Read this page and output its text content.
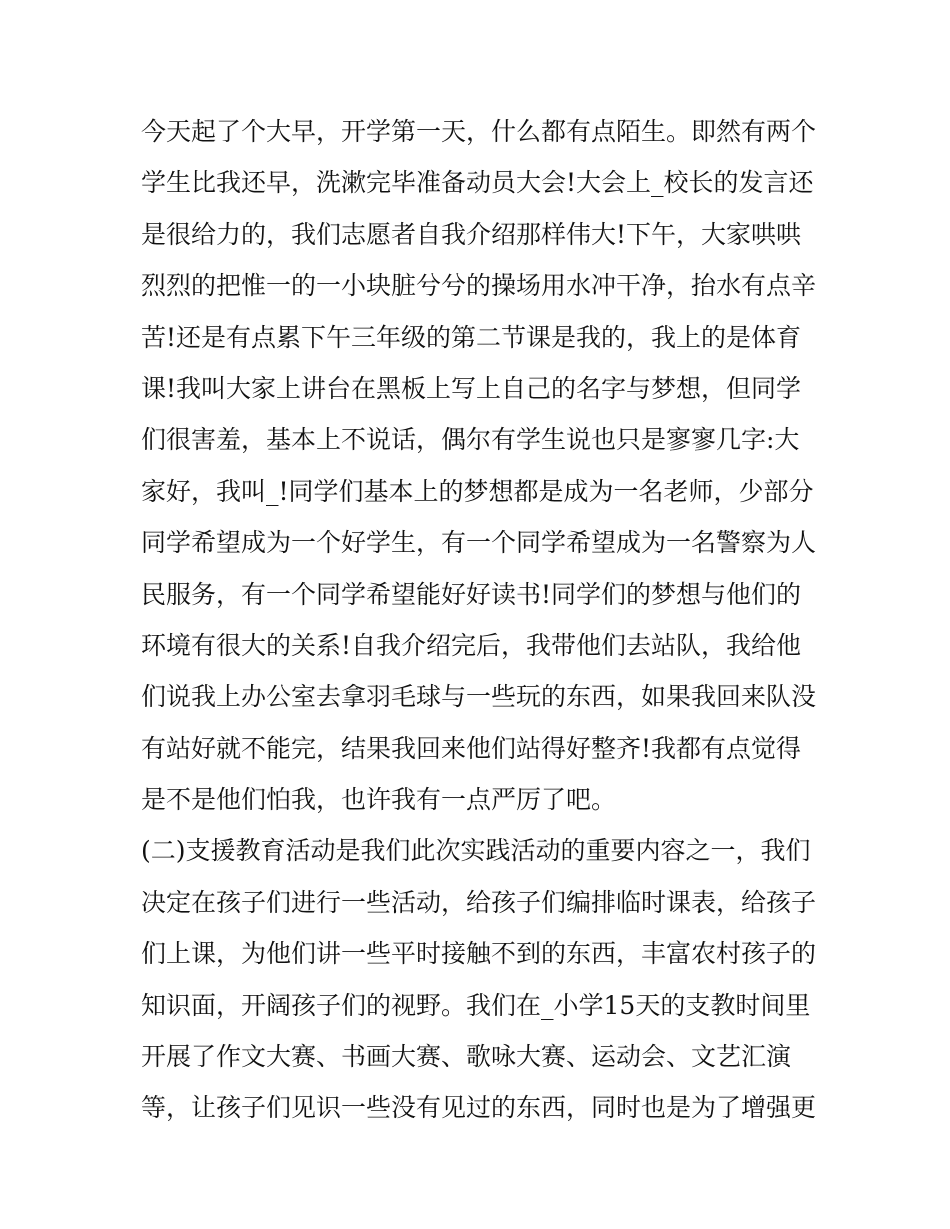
今天起了个大早，开学第一天，什么都有点陌生。即然有两个
学生比我还早，洗漱完毕准备动员大会!大会上_校长的发言还
是很给力的，我们志愿者自我介绍那样伟大!下午，大家哄哄
烈烈的把惟一的一小块脏兮兮的操场用水冲干净，抬水有点辛
苦!还是有点累下午三年级的第二节课是我的，我上的是体育
课!我叫大家上讲台在黑板上写上自己的名字与梦想，但同学
们很害羞，基本上不说话，偶尔有学生说也只是寥寥几字:大
家好，我叫_!同学们基本上的梦想都是成为一名老师，少部分
同学希望成为一个好学生，有一个同学希望成为一名警察为人
民服务，有一个同学希望能好好读书!同学们的梦想与他们的
环境有很大的关系!自我介绍完后，我带他们去站队，我给他
们说我上办公室去拿羽毛球与一些玩的东西，如果我回来队没
有站好就不能完，结果我回来他们站得好整齐!我都有点觉得
是不是他们怕我，也许我有一点严厉了吧。
(二)支援教育活动是我们此次实践活动的重要内容之一，我们
决定在孩子们进行一些活动，给孩子们编排临时课表，给孩子
们上课，为他们讲一些平时接触不到的东西，丰富农村孩子的
知识面，开阔孩子们的视野。我们在_小学15天的支教时间里
开展了作文大赛、书画大赛、歌咏大赛、运动会、文艺汇演
等，让孩子们见识一些没有见过的东西，同时也是为了增强更
